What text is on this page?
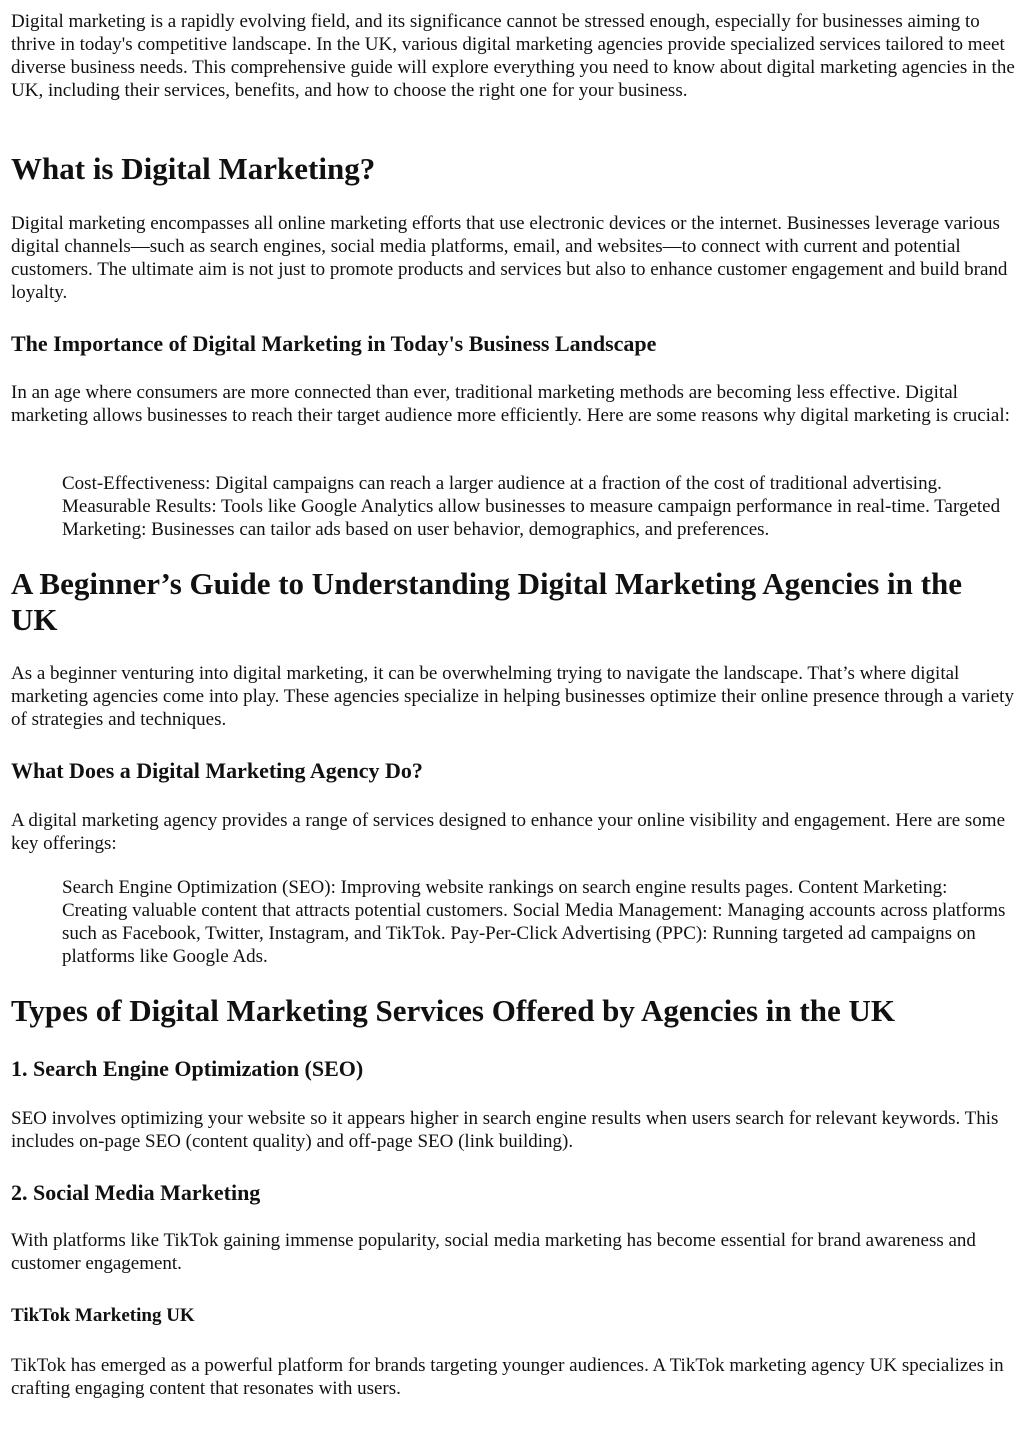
Digital marketing is a rapidly evolving field, and its significance cannot be stressed enough, especially for businesses aiming to thrive in today's competitive landscape. In the UK, various digital marketing agencies provide specialized services tailored to meet diverse business needs. This comprehensive guide will explore everything you need to know about digital marketing agencies in the UK, including their services, benefits, and how to choose the right one for your business.

What is Digital Marketing?

Digital marketing encompasses all online marketing efforts that use electronic devices or the internet. Businesses leverage various digital channels—such as search engines, social media platforms, email, and websites—to connect with current and potential customers. The ultimate aim is not just to promote products and services but also to enhance customer engagement and build brand loyalty.

The Importance of Digital Marketing in Today's Business Landscape

In an age where consumers are more connected than ever, traditional marketing methods are becoming less effective. Digital marketing allows businesses to reach their target audience more efficiently. Here are some reasons why digital marketing is crucial:

Cost-Effectiveness: Digital campaigns can reach a larger audience at a fraction of the cost of traditional advertising. Measurable Results: Tools like Google Analytics allow businesses to measure campaign performance in real-time. Targeted Marketing: Businesses can tailor ads based on user behavior, demographics, and preferences.
A Beginner’s Guide to Understanding Digital Marketing Agencies in the UK

As a beginner venturing into digital marketing, it can be overwhelming trying to navigate the landscape. That’s where digital marketing agencies come into play. These agencies specialize in helping businesses optimize their online presence through a variety of strategies and techniques.

What Does a Digital Marketing Agency Do?

A digital marketing agency provides a range of services designed to enhance your online visibility and engagement. Here are some key offerings:

Search Engine Optimization (SEO): Improving website rankings on search engine results pages. Content Marketing: Creating valuable content that attracts potential customers. Social Media Management: Managing accounts across platforms such as Facebook, Twitter, Instagram, and TikTok. Pay-Per-Click Advertising (PPC): Running targeted ad campaigns on platforms like Google Ads.
Types of Digital Marketing Services Offered by Agencies in the UK
1. Search Engine Optimization (SEO)

SEO involves optimizing your website so it appears higher in search engine results when users search for relevant keywords. This includes on-page SEO (content quality) and off-page SEO (link building).

2. Social Media Marketing

With platforms like TikTok gaining immense popularity, social media marketing has become essential for brand awareness and customer engagement.

TikTok Marketing UK

TikTok has emerged as a powerful platform for brands targeting younger audiences. A TikTok marketing agency UK specializes in crafting engaging content that resonates with users.
